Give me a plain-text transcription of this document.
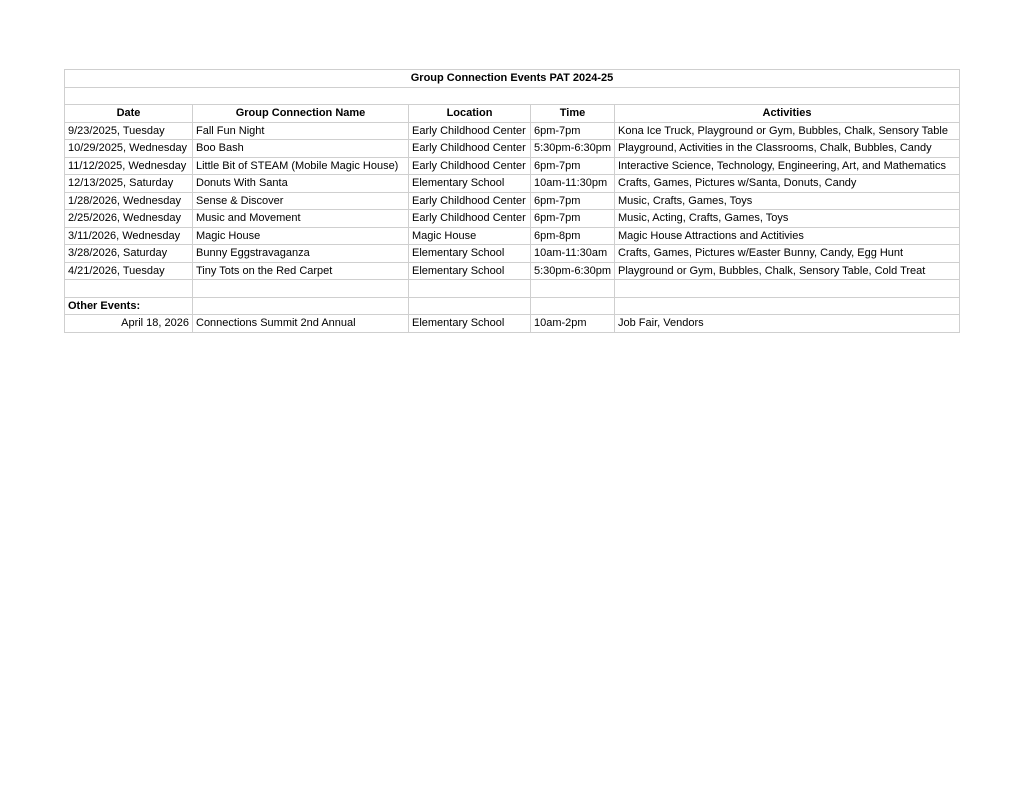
Group Connection Events PAT 2024-25				

Date	Group Connection Name	Location	Time	Activities
9/23/2025, Tuesday	Fall Fun Night	Early Childhood Center	6pm-7pm	Kona Ice Truck, Playground or Gym, Bubbles, Chalk, Sensory Table
10/29/2025, Wednesday	Boo Bash	Early Childhood Center	5:30pm-6:30pm	Playground, Activities in the Classrooms, Chalk, Bubbles, Candy
11/12/2025, Wednesday	Little Bit of STEAM (Mobile Magic House)	Early Childhood Center	6pm-7pm	Interactive Science, Technology, Engineering, Art, and Mathematics
12/13/2025, Saturday	Donuts With Santa	Elementary School	10am-11:30pm	Crafts, Games, Pictures w/Santa, Donuts, Candy
1/28/2026, Wednesday	Sense & Discover	Early Childhood Center	6pm-7pm	Music, Crafts, Games, Toys
2/25/2026, Wednesday	Music and Movement	Early Childhood Center	6pm-7pm	Music, Acting, Crafts, Games, Toys
3/11/2026, Wednesday	Magic House	Magic House	6pm-8pm	Magic House Attractions and Actitivies
3/28/2026, Saturday	Bunny Eggstravaganza	Elementary School	10am-11:30am	Crafts, Games, Pictures w/Easter Bunny, Candy, Egg Hunt
4/21/2026, Tuesday	Tiny Tots on the Red Carpet	Elementary School	5:30pm-6:30pm	Playground or Gym, Bubbles, Chalk, Sensory Table, Cold Treat

Other Events:				
April 18, 2026	Connections Summit 2nd Annual	Elementary School	10am-2pm	Job Fair, Vendors
